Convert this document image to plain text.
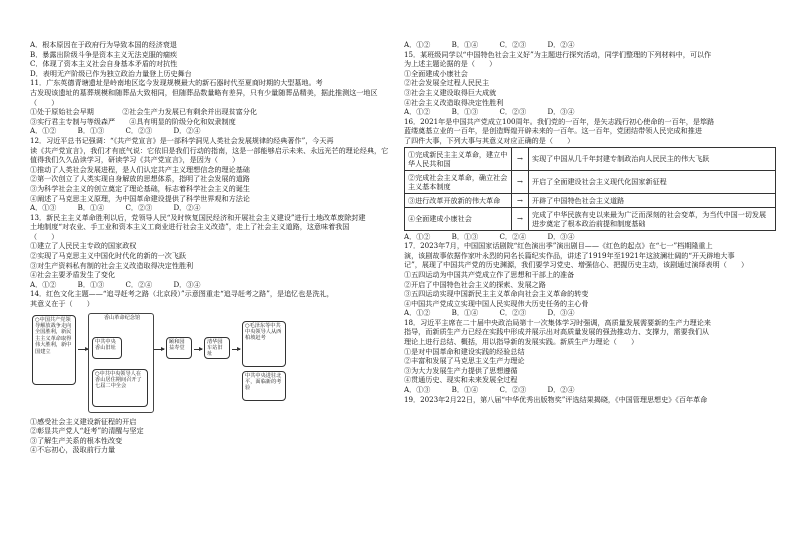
A．根本原因在于政府行为导致本国的经济衰退
B．暴露出阶级斗争是资本主义无法克服的痼疾
C．体现了资本主义社会自身基本矛盾的对抗性
D．表明无产阶级已作为独立政治力量登上历史舞台
11．广东英德青塘遗址是岭南地区迄今发现规模最大的新石器时代至夏商时期的大型墓地。考
古发现该遗址的墓葬规模和随葬品大致相同，但随葬品数量略有差异，只有少量随葬品精美，据此推测这一地区
（　　）
①处于原始社会早期　　　　②社会生产力发展已有剩余并出现贫富分化
③实行君主专制与等级森严　　④具有明显的阶级分化和奴隶制度
A．①②　　　B．①③　　　C．②③　　　D．②④
12．习近平总书记强调：“《共产党宣言》是一部科学洞见人类社会发展规律的经典著作”，今天再
读《共产党宣言》，我们才有底气说：它依旧是我们行动的指南，这是一部能够启示未来、永远光芒的理论经典，它
值得我们久久品读学习，研读学习《共产党宣言》，是因为（　　）
①推动了人类社会发展进程，是人们认定共产主义理想信念的理论基础
②第一次创立了人类实现自身解放的思想体系，指明了社会发展的道路
③为科学社会主义的创立奠定了理论基础，标志着科学社会主义的诞生
④阐述了马克思主义原理，为中国革命建设提供了科学世界观和方法论
A．①③　　　B．①④　　　C．②③　　　D．②④
13．新民主主义革命胜利以后，党领导人民“及时恢复国民经济和开展社会主义建设”进行土地改革废除封建
土地制度“对农业、手工业和资本主义工商业进行社会主义改造”，走上了社会主义道路，这意味着我国
（　　）
①建立了人民民主专政的国家政权
②实现了马克思主义中国化时代化的新的一次飞跃
③对生产资料私有制的社会主义改造取得决定性胜利
④社会主要矛盾发生了变化
A．①②　　　B．①③　　　C．②④　　　D．③④
14．红色文化主题——“追寻赶考之路（北京段）”示意图重走“追寻赶考之路”，是追忆也是洗礼，
其意义在于（　　）
○中国共产党领导解放战争走向全国胜利，新民主主义革命取得伟大胜利，新中国建立
香山革命纪念馆
中共中央香山旧址
○中共中央领导人在香山居住期间召开了七届二中全会
颐和园益寿堂
清华园车站旧址
○毛泽东等中共中央领导人从西柏坡赶考
中共中央进驻北平，面临新的考验
①感受社会主义建设新征程的开启
②彰显共产党人“赶考”的清醒与坚定
③了解生产关系的根本性改变
④不忘初心，汲取前行力量
A．①②　　　B．①④　　　C．②③　　　D．②④
15．某班级同学以“中国特色社会主义好”为主题进行探究活动，同学们整理的下列材料中，可以作
为上述主题论据的是（　　）
①全面建成小康社会
②社会发展全过程人民民主
③社会主义建设取得巨大成就
④社会主义改造取得决定性胜利
A．①②　　　B．①③　　　C．②③　　　D．③④
16．2021年是中国共产党成立100周年。我们党的一百年，是矢志践行初心使命的一百年，是筚路
蓝缕奠基立业的一百年，是创造辉煌开辟未来的一百年。这一百年，党团结带领人民完成和推进
了四件大事，下列大事与其意义对应正确的是（　　）
①完成新民主主义革命，建立中华人民共和国	→	实现了中国从几千年封建专制政治向人民民主的伟大飞跃
②完成社会主义革命，确立社会主义基本制度	→	开启了全面建设社会主义现代化国家新征程
③进行改革开放新的伟大革命	→	开辟了中国特色社会主义道路
④全面建成小康社会	→	完成了中华民族有史以来最为广泛而深刻的社会变革，为当代中国一切发展进步奠定了根本政治前提和制度基础
A．①②　　　B．①③　　　C．②④　　　D．③④
17．2023年7月，中国国家话剧院“红色演出季”演出剧目——《红色的起点》在“七一”档期隆重上
演，该剧故事依据作家叶永烈的同名长篇纪实作品，讲述了1919年至1921年这波澜壮阔的“开天辟地大事
记”，展现了中国共产党的历史渊源，我们要学习党史、增强信心、把握历史主动，该剧通过演绎表明（　　）
①五四运动为中国共产党成立作了思想和干部上的准备
②开启了中国特色社会主义的探索、发展之路
③五四运动实现中国新民主主义革命向社会主义革命的转变
④中国共产党成立实现中国人民实现伟大历史任务的主心骨
A．①②　　　B．①④　　　C．②③　　　D．③④
18．习近平主席在二十届中央政治局第十一次集体学习时强调，高质量发展需要新的生产力理论来
指导，而新质生产力已经在实践中形成并展示出对高质量发展的强劲推动力、支撑力，需要我们从
理论上进行总结、概括，用以指导新的发展实践。新质生产力理论（　　）
①是对中国革命和建设实践的经验总结
②丰富和发展了马克思主义生产力理论
③为大力发展生产力提供了思想遵循
④贯通历史、现实和未来发展全过程
A．①③　　　B．①④　　　C．②③　　　D．②④
19．2023年2月22日，第八届“中华优秀出版物奖”评选结果揭晓，《中国管理思想史》《百年革命
